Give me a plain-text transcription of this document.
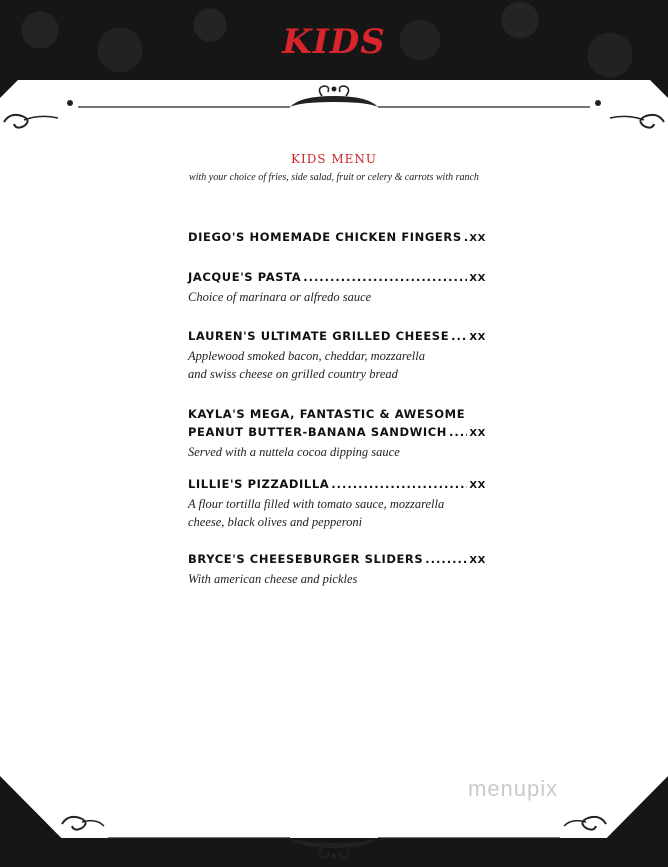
KIDS
KIDS MENU
with your choice of fries, side salad, fruit or celery & carrots with ranch
DIEGO'S HOMEMADE CHICKEN FINGERS ..... XX
JACQUE'S PASTA .....	XX
Choice of marinara or alfredo sauce
LAUREN'S ULTIMATE GRILLED CHEESE ..... XX
Applewood smoked bacon, cheddar, mozzarella
and swiss cheese on grilled country bread
KAYLA'S MEGA, FANTASTIC & AWESOME
PEANUT BUTTER-BANANA SANDWICH ..... XX
Served with a nuttela cocoa dipping sauce
LILLIE'S PIZZADILLA .....	XX
A flour tortilla filled with tomato sauce, mozzarella
cheese, black olives and pepperoni
BRYCE'S CHEESEBURGER SLIDERS .....	XX
With american cheese and pickles
menupix
